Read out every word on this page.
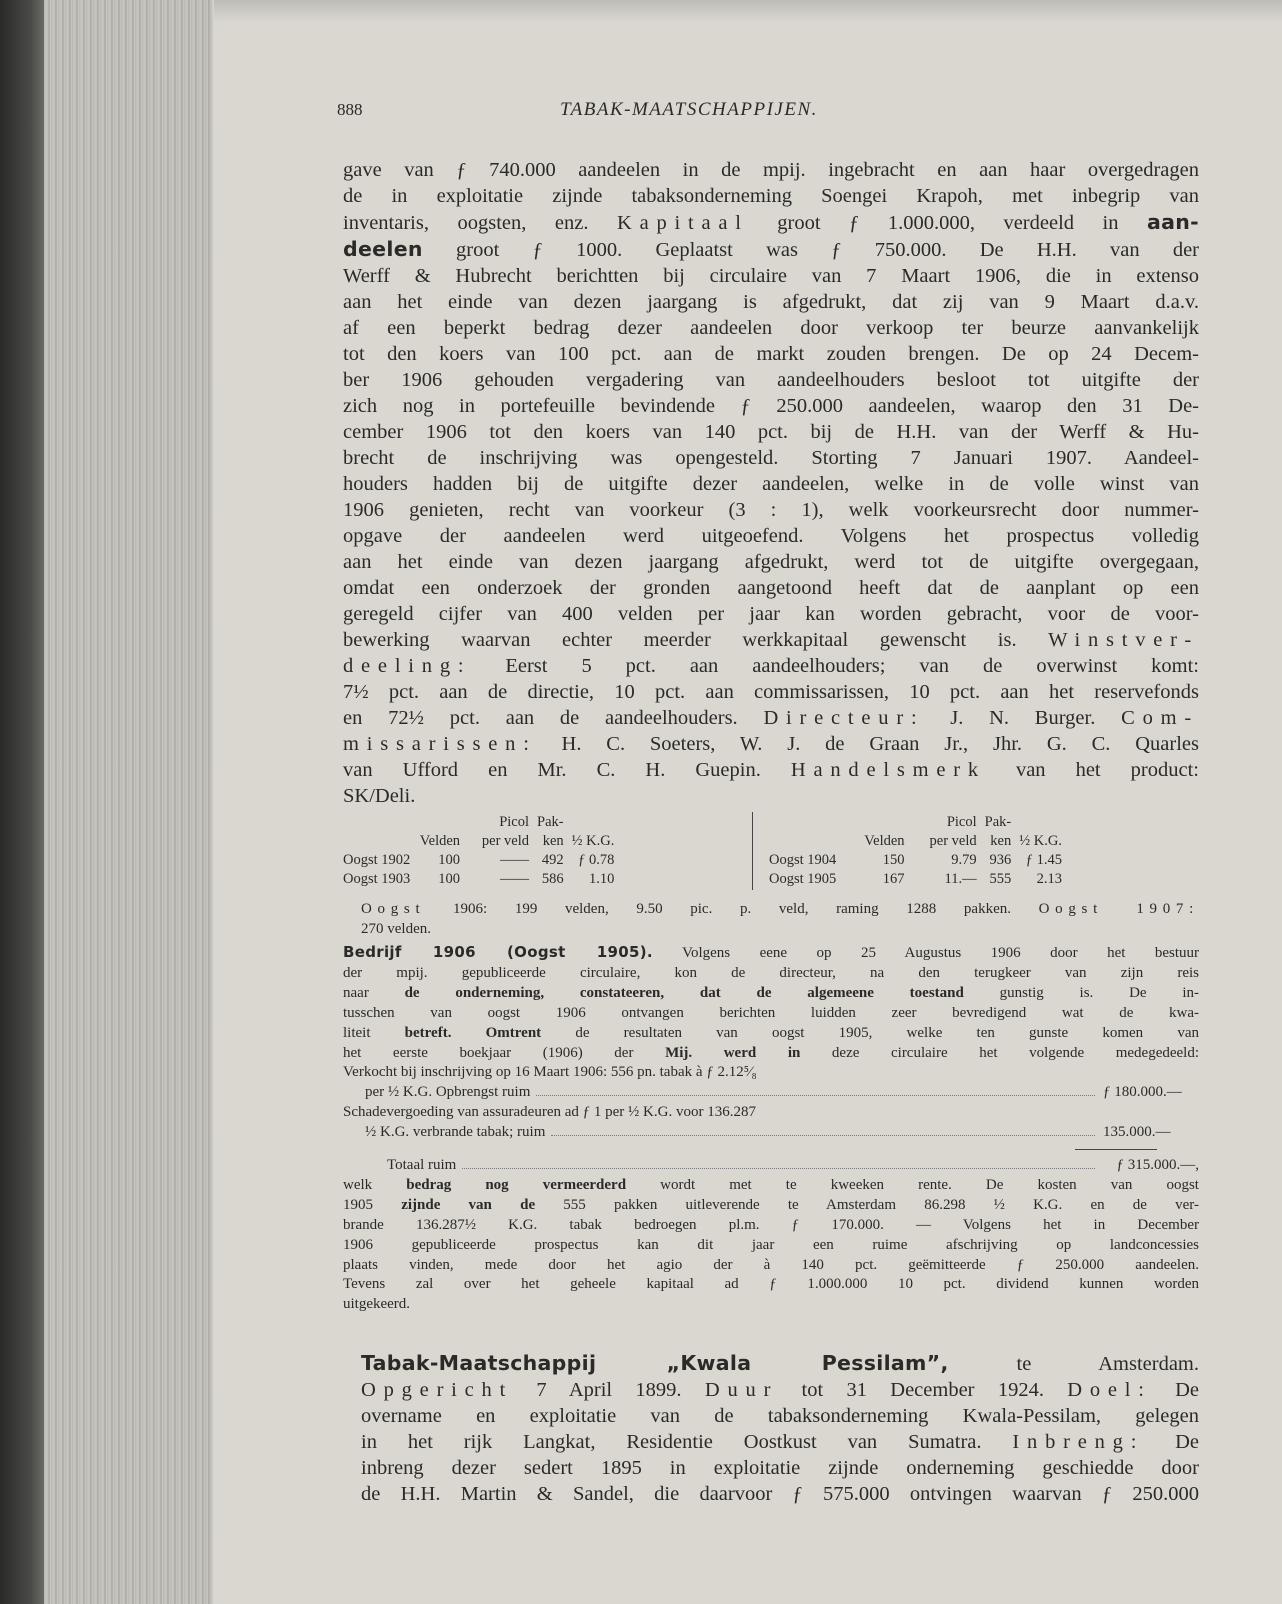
888	TABAK-MAATSCHAPPIJEN.
gave van ƒ 740.000 aandeelen in de mpij. ingebracht en aan haar overgedragen
de in exploitatie zijnde tabaksonderneming Soengei Krapoh, met inbegrip van
inventaris, oogsten, enz. Kapitaal groot ƒ 1.000.000, verdeeld in aan-
deelen groot ƒ 1000. Geplaatst was ƒ 750.000. De H.H. van der
Werff & Hubrecht berichtten bij circulaire van 7 Maart 1906, die in extenso
aan het einde van dezen jaargang is afgedrukt, dat zij van 9 Maart d.a.v.
af een beperkt bedrag dezer aandeelen door verkoop ter beurze aanvankelijk
tot den koers van 100 pct. aan de markt zouden brengen. De op 24 Decem-
ber 1906 gehouden vergadering van aandeelhouders besloot tot uitgifte der
zich nog in portefeuille bevindende ƒ 250.000 aandeelen, waarop den 31 De-
cember 1906 tot den koers van 140 pct. bij de H.H. van der Werff & Hu-
brecht de inschrijving was opengesteld. Storting 7 Januari 1907. Aandeel-
houders hadden bij de uitgifte dezer aandeelen, welke in de volle winst van
1906 genieten, recht van voorkeur (3 : 1), welk voorkeursrecht door nummer-
opgave der aandeelen werd uitgeoefend. Volgens het prospectus volledig
aan het einde van dezen jaargang afgedrukt, werd tot de uitgifte overgegaan,
omdat een onderzoek der gronden aangetoond heeft dat de aanplant op een
geregeld cijfer van 400 velden per jaar kan worden gebracht, voor de voor-
bewerking waarvan echter meerder werkkapitaal gewenscht is. Winstver-
deeling: Eerst 5 pct. aan aandeelhouders; van de overwinst komt:
7½ pct. aan de directie, 10 pct. aan commissarissen, 10 pct. aan het reservefonds
en 72½ pct. aan de aandeelhouders. Directeur: J. N. Burger. Com-
missarissen: H. C. Soeters, W. J. de Graan Jr., Jhr. G. C. Quarles
van Ufford en Mr. C. H. Guepin. Handelsmerk van het product:
SK/Deli.
		Picol	Pak-	
	Velden	per veld	ken	½ K.G.
Oogst 1902	100	——	492	ƒ 0.78
Oogst 1903	100	——	586	1.10
		Picol	Pak-	
	Velden	per veld	ken	½ K.G.
Oogst 1904	150	9.79	936	ƒ 1.45
Oogst 1905	167	11.—	555	2.13
Oogst 1906: 199 velden, 9.50 pic. p. veld, raming 1288 pakken. Oogst 1907:
270 velden.
Bedrijf 1906 (Oogst 1905). Volgens eene op 25 Augustus 1906 door het bestuur
der mpij. gepubliceerde circulaire, kon de directeur, na den terugkeer van zijn reis
naar de onderneming, constateeren, dat de algemeene toestand gunstig is. De in-
tusschen van oogst 1906 ontvangen berichten luidden zeer bevredigend wat de kwa-
liteit betreft. Omtrent de resultaten van oogst 1905, welke ten gunste komen van
het eerste boekjaar (1906) der Mij. werd in deze circulaire het volgende medegedeeld:
Verkocht bij inschrijving op 16 Maart 1906: 556 pn. tabak à ƒ 2.12⁵⁄₈
per ½ K.G. Opbrengst ruim	ƒ 180.000.—
Schadevergoeding van assuradeuren ad ƒ 1 per ½ K.G. voor 136.287
½ K.G. verbrande tabak; ruim	135.000.—
Totaal ruim	ƒ 315.000.—,
welk bedrag nog vermeerderd wordt met te kweeken rente. De kosten van oogst
1905 zijnde van de 555 pakken uitleverende te Amsterdam 86.298 ½ K.G. en de ver-
brande 136.287½ K.G. tabak bedroegen pl.m. ƒ 170.000. — Volgens het in December
1906 gepubliceerde prospectus kan dit jaar een ruime afschrijving op landconcessies
plaats vinden, mede door het agio der à 140 pct. geëmitteerde ƒ 250.000 aandeelen.
Tevens zal over het geheele kapitaal ad ƒ 1.000.000 10 pct. dividend kunnen worden
uitgekeerd.
Tabak-Maatschappij „Kwala Pessilam”, te Amsterdam.
Opgericht 7 April 1899. Duur tot 31 December 1924. Doel: De
overname en exploitatie van de tabaksonderneming Kwala-Pessilam, gelegen
in het rijk Langkat, Residentie Oostkust van Sumatra. Inbreng: De
inbreng dezer sedert 1895 in exploitatie zijnde onderneming geschiedde door
de H.H. Martin & Sandel, die daarvoor ƒ 575.000 ontvingen waarvan ƒ 250.000
